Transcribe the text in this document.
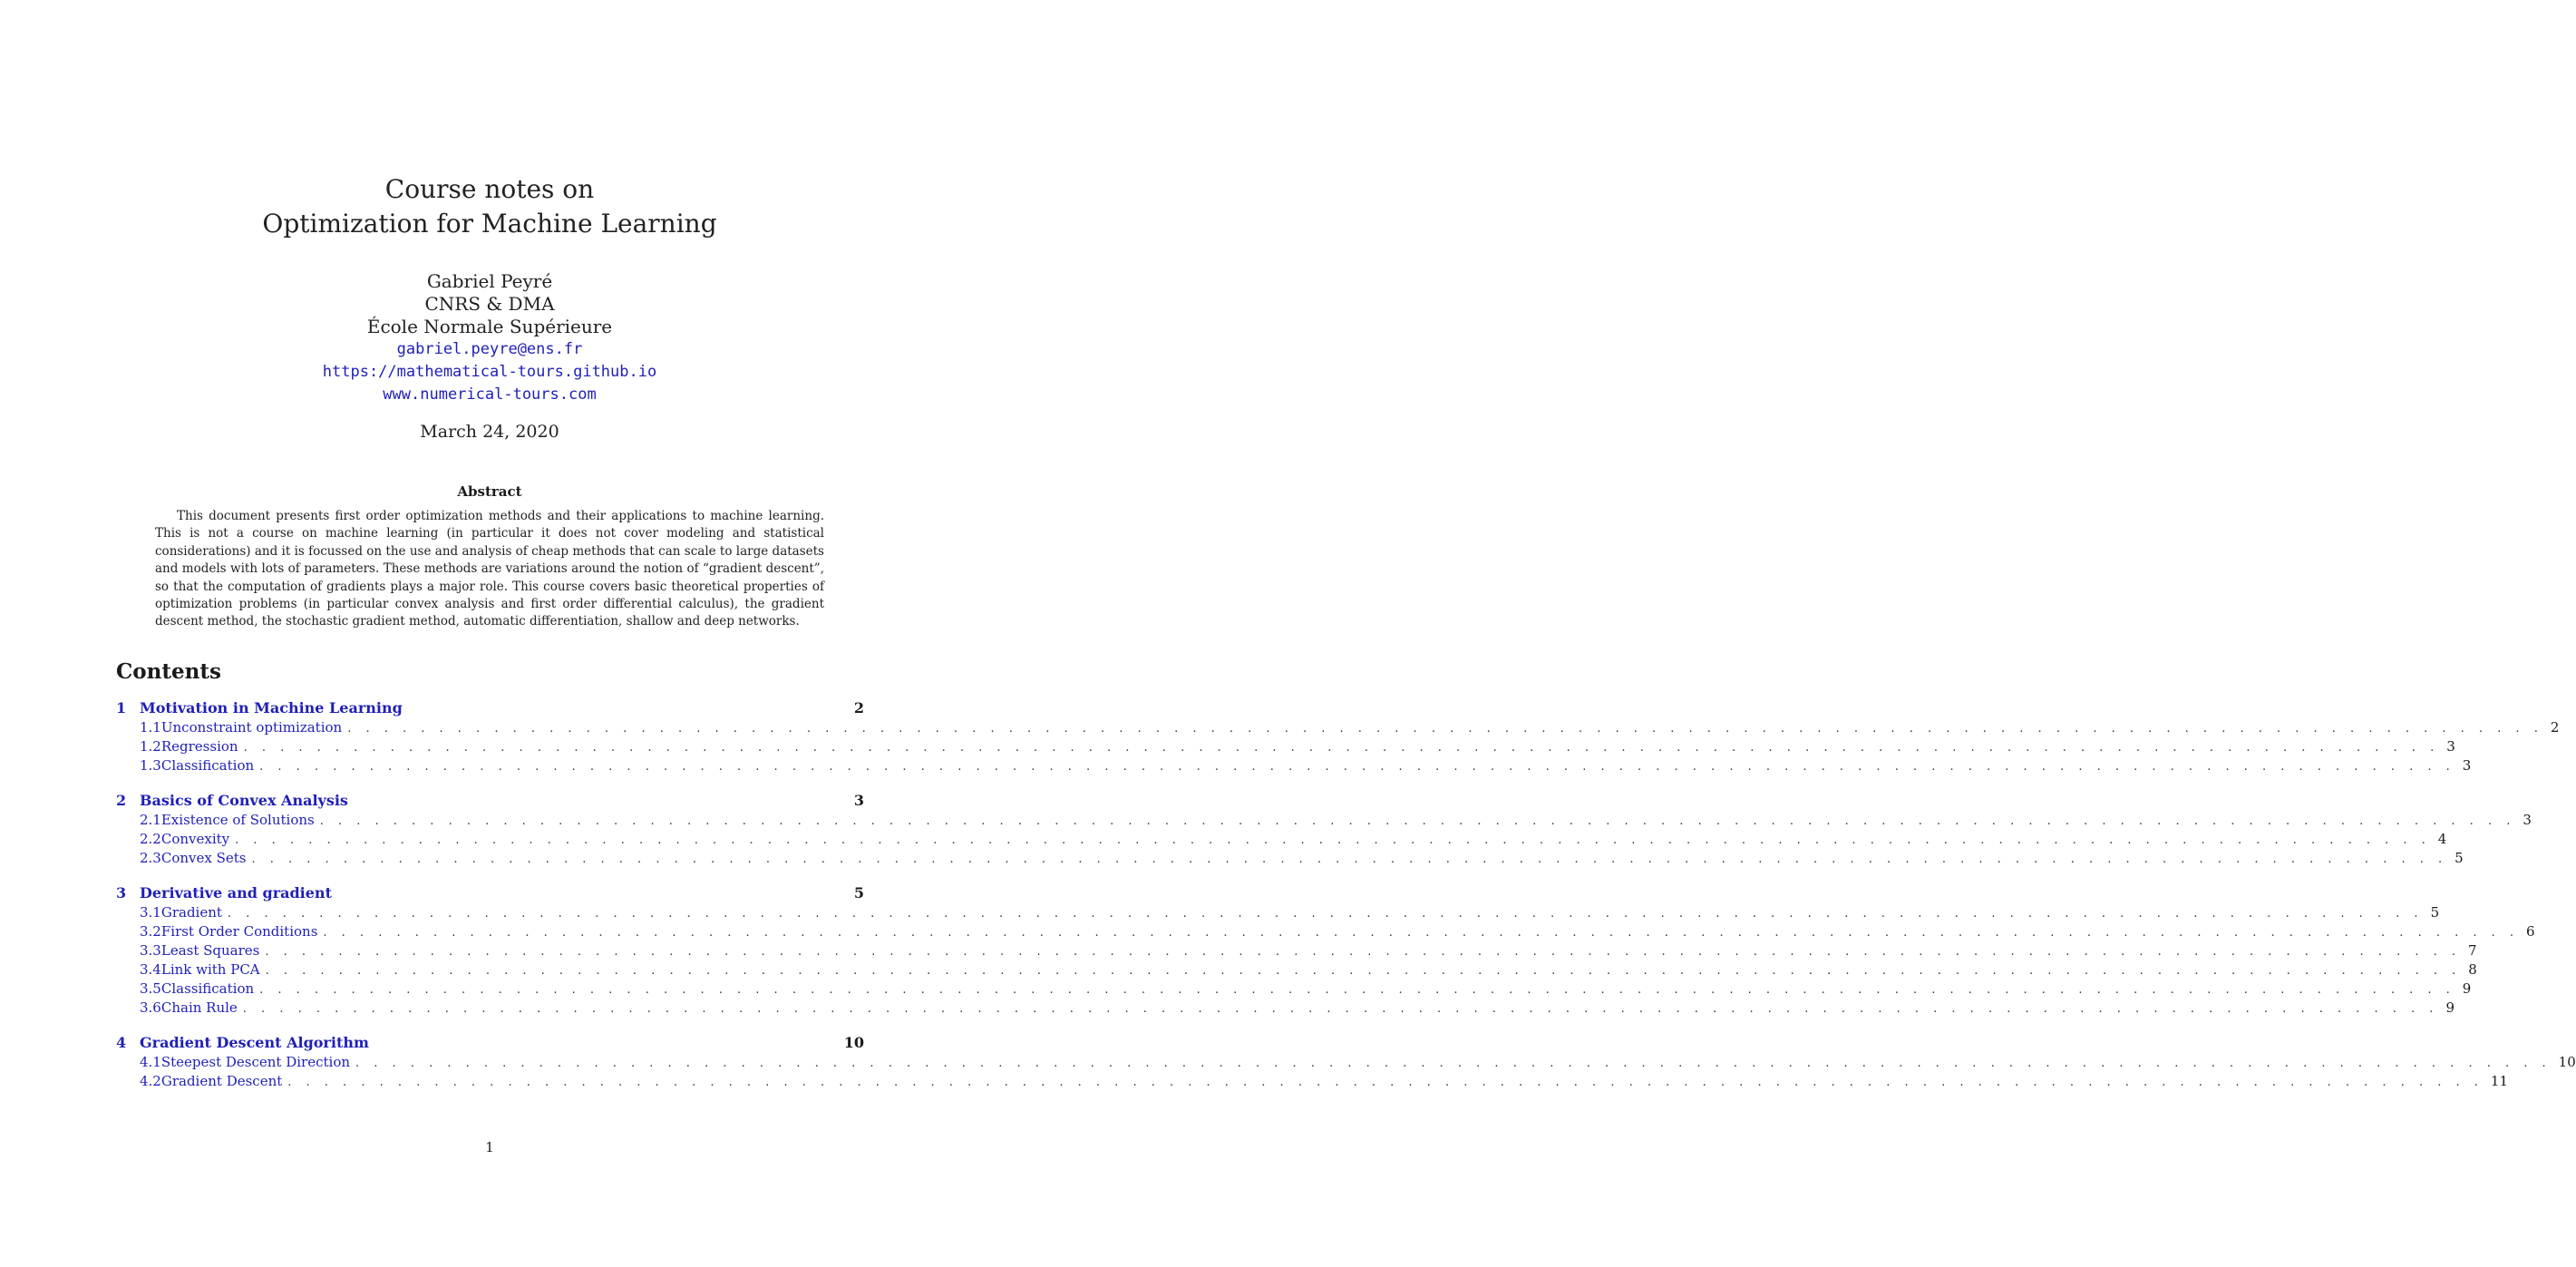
Course notes on
Optimization for Machine Learning
Gabriel Peyré
CNRS & DMA
École Normale Supérieure
gabriel.peyre@ens.fr
https://mathematical-tours.github.io
www.numerical-tours.com
March 24, 2020
Abstract
This document presents first order optimization methods and their applications to machine learning. This is not a course on machine learning (in particular it does not cover modeling and statistical considerations) and it is focussed on the use and analysis of cheap methods that can scale to large datasets and models with lots of parameters. These methods are variations around the notion of “gradient descent”, so that the computation of gradients plays a major role. This course covers basic theoretical properties of optimization problems (in particular convex analysis and first order differential calculus), the gradient descent method, the stochastic gradient method, automatic differentiation, shallow and deep networks.
Contents
1 Motivation in Machine Learning	2
1.1 Unconstraint optimization . . . . . . . . . . . . . . . . . . . . . . . . . . . . . . . . . . . . . . . . . . . . . . . . . . . . . . . . . . . . . . . . . . . . . . . . . . . . . . . . . . . . . . . . . . . . . . . . . . . . . . . . . . . . . . . . . . . . . . . . 2
1.2 Regression . . . . . . . . . . . . . . . . . . . . . . . . . . . . . . . . . . . . . . . . . . . . . . . . . . . . . . . . . . . . . . . . . . . . . . . . . . . . . . . . . . . . . . . . . . . . . . . . . . . . . . . . . . . . . . . . . . . . . . . . 3
1.3 Classification . . . . . . . . . . . . . . . . . . . . . . . . . . . . . . . . . . . . . . . . . . . . . . . . . . . . . . . . . . . . . . . . . . . . . . . . . . . . . . . . . . . . . . . . . . . . . . . . . . . . . . . . . . . . . . . . . . . . . . . . 3
2 Basics of Convex Analysis	3
2.1 Existence of Solutions . . . . . . . . . . . . . . . . . . . . . . . . . . . . . . . . . . . . . . . . . . . . . . . . . . . . . . . . . . . . . . . . . . . . . . . . . . . . . . . . . . . . . . . . . . . . . . . . . . . . . . . . . . . . . . . . . . . . . . . . 3
2.2 Convexity . . . . . . . . . . . . . . . . . . . . . . . . . . . . . . . . . . . . . . . . . . . . . . . . . . . . . . . . . . . . . . . . . . . . . . . . . . . . . . . . . . . . . . . . . . . . . . . . . . . . . . . . . . . . . . . . . . . . . . . . 4
2.3 Convex Sets . . . . . . . . . . . . . . . . . . . . . . . . . . . . . . . . . . . . . . . . . . . . . . . . . . . . . . . . . . . . . . . . . . . . . . . . . . . . . . . . . . . . . . . . . . . . . . . . . . . . . . . . . . . . . . . . . . . . . . . . 5
3 Derivative and gradient	5
3.1 Gradient . . . . . . . . . . . . . . . . . . . . . . . . . . . . . . . . . . . . . . . . . . . . . . . . . . . . . . . . . . . . . . . . . . . . . . . . . . . . . . . . . . . . . . . . . . . . . . . . . . . . . . . . . . . . . . . . . . . . . . . . 5
3.2 First Order Conditions . . . . . . . . . . . . . . . . . . . . . . . . . . . . . . . . . . . . . . . . . . . . . . . . . . . . . . . . . . . . . . . . . . . . . . . . . . . . . . . . . . . . . . . . . . . . . . . . . . . . . . . . . . . . . . . . . . . . . . . . 6
3.3 Least Squares . . . . . . . . . . . . . . . . . . . . . . . . . . . . . . . . . . . . . . . . . . . . . . . . . . . . . . . . . . . . . . . . . . . . . . . . . . . . . . . . . . . . . . . . . . . . . . . . . . . . . . . . . . . . . . . . . . . . . . . . 7
3.4 Link with PCA . . . . . . . . . . . . . . . . . . . . . . . . . . . . . . . . . . . . . . . . . . . . . . . . . . . . . . . . . . . . . . . . . . . . . . . . . . . . . . . . . . . . . . . . . . . . . . . . . . . . . . . . . . . . . . . . . . . . . . . . 8
3.5 Classification . . . . . . . . . . . . . . . . . . . . . . . . . . . . . . . . . . . . . . . . . . . . . . . . . . . . . . . . . . . . . . . . . . . . . . . . . . . . . . . . . . . . . . . . . . . . . . . . . . . . . . . . . . . . . . . . . . . . . . . . 9
3.6 Chain Rule . . . . . . . . . . . . . . . . . . . . . . . . . . . . . . . . . . . . . . . . . . . . . . . . . . . . . . . . . . . . . . . . . . . . . . . . . . . . . . . . . . . . . . . . . . . . . . . . . . . . . . . . . . . . . . . . . . . . . . . . 9
4 Gradient Descent Algorithm	10
4.1 Steepest Descent Direction . . . . . . . . . . . . . . . . . . . . . . . . . . . . . . . . . . . . . . . . . . . . . . . . . . . . . . . . . . . . . . . . . . . . . . . . . . . . . . . . . . . . . . . . . . . . . . . . . . . . . . . . . . . . . . . . . . . . . . . . 10
4.2 Gradient Descent . . . . . . . . . . . . . . . . . . . . . . . . . . . . . . . . . . . . . . . . . . . . . . . . . . . . . . . . . . . . . . . . . . . . . . . . . . . . . . . . . . . . . . . . . . . . . . . . . . . . . . . . . . . . . . . . . . . . . . . . 11
1
